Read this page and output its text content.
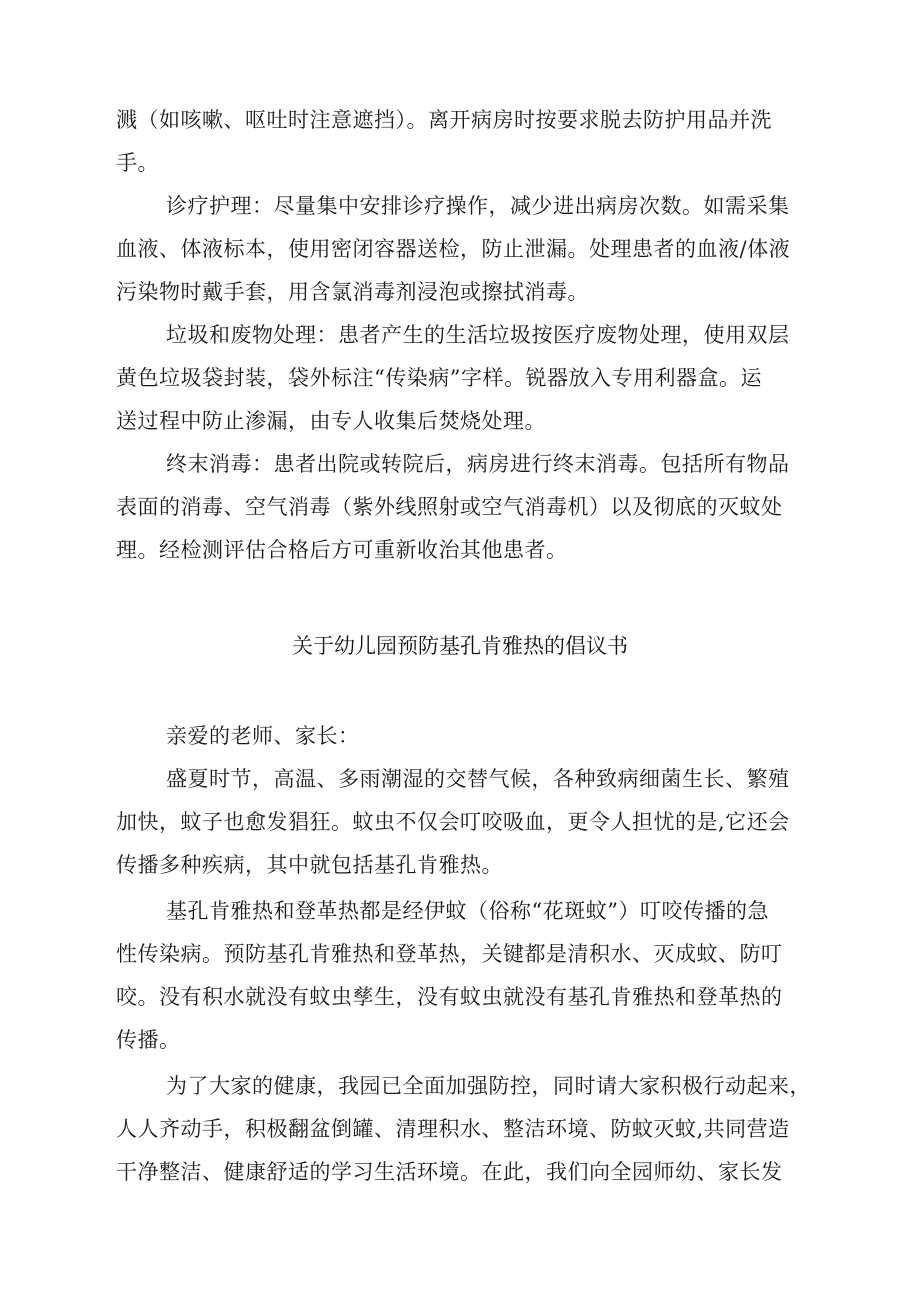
溅（如咳嗽、呕吐时注意遮挡）。离开病房时按要求脱去防护用品并洗
手。
诊疗护理：尽量集中安排诊疗操作，减少进出病房次数。如需采集
血液、体液标本，使用密闭容器送检，防止泄漏。处理患者的血液/体液
污染物时戴手套，用含氯消毒剂浸泡或擦拭消毒。
垃圾和废物处理：患者产生的生活垃圾按医疗废物处理，使用双层
黄色垃圾袋封装，袋外标注“传染病”字样。锐器放入专用利器盒。运
送过程中防止渗漏，由专人收集后焚烧处理。
终末消毒：患者出院或转院后，病房进行终末消毒。包括所有物品
表面的消毒、空气消毒（紫外线照射或空气消毒机）以及彻底的灭蚊处
理。经检测评估合格后方可重新收治其他患者。
关于幼儿园预防基孔肯雅热的倡议书
亲爱的老师、家长：
盛夏时节，高温、多雨潮湿的交替气候，各种致病细菌生长、繁殖
加快，蚊子也愈发猖狂。蚊虫不仅会叮咬吸血，更令人担忧的是,它还会
传播多种疾病，其中就包括基孔肯雅热。
基孔肯雅热和登革热都是经伊蚊（俗称“花斑蚊”）叮咬传播的急
性传染病。预防基孔肯雅热和登革热，关键都是清积水、灭成蚊、防叮
咬。没有积水就没有蚊虫孳生，没有蚊虫就没有基孔肯雅热和登革热的
传播。
为了大家的健康，我园已全面加强防控，同时请大家积极行动起来，
人人齐动手，积极翻盆倒罐、清理积水、整洁环境、防蚊灭蚊,共同营造
干净整洁、健康舒适的学习生活环境。在此，我们向全园师幼、家长发
